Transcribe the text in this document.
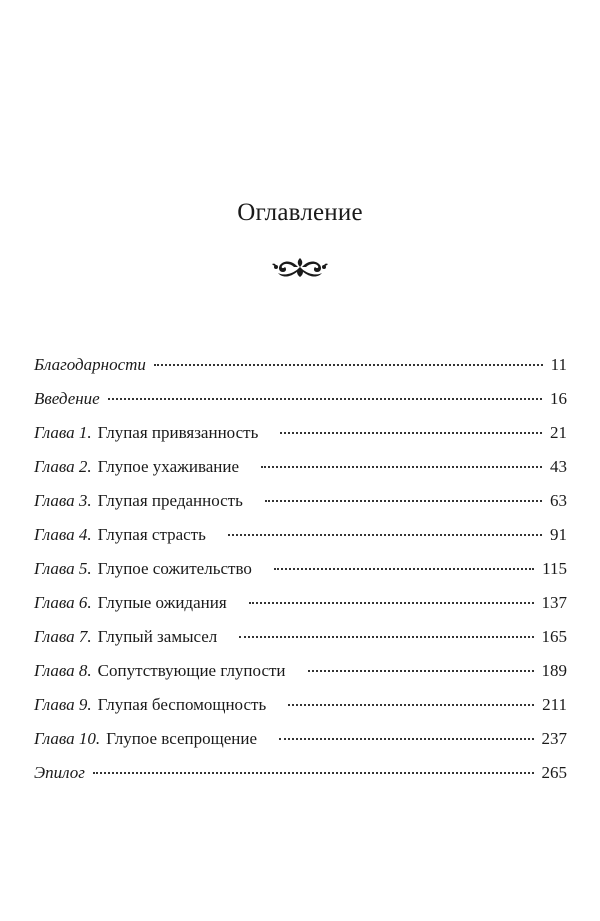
Оглавление
Благодарности	11
Введение	16
Глава 1. Глупая привязанность	21
Глава 2. Глупое ухаживание	43
Глава 3. Глупая преданность	63
Глава 4. Глупая страсть	91
Глава 5. Глупое сожительство	115
Глава 6. Глупые ожидания	137
Глава 7. Глупый замысел	165
Глава 8. Сопутствующие глупости	189
Глава 9. Глупая беспомощность	211
Глава 10. Глупое всепрощение	237
Эпилог	265
